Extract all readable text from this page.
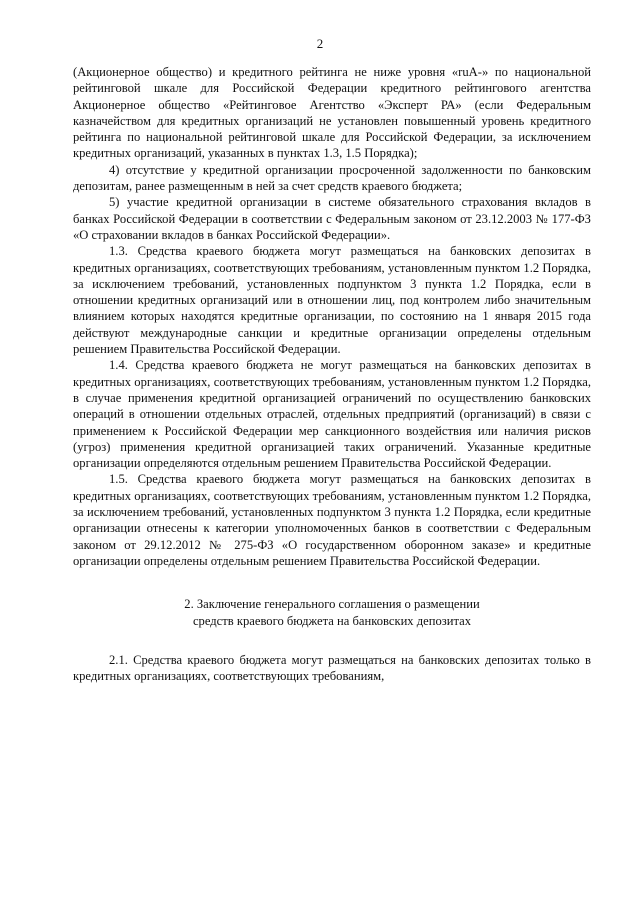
2

(Акционерное общество) и кредитного рейтинга не ниже уровня «ruA-» по национальной рейтинговой шкале для Российской Федерации кредитного рейтингового агентства Акционерное общество «Рейтинговое Агентство «Эксперт РА» (если Федеральным казначейством для кредитных организаций не установлен повышенный уровень кредитного рейтинга по национальной рейтинговой шкале для Российской Федерации, за исключением кредитных организаций, указанных в пунктах 1.3, 1.5 Порядка);

4) отсутствие у кредитной организации просроченной задолженности по банковским депозитам, ранее размещенным в ней за счет средств краевого бюджета;

5) участие кредитной организации в системе обязательного страхования вкладов в банках Российской Федерации в соответствии с Федеральным законом от 23.12.2003 № 177-ФЗ «О страховании вкладов в банках Российской Федерации».

1.3. Средства краевого бюджета могут размещаться на банковских депозитах в кредитных организациях, соответствующих требованиям, установленным пунктом 1.2 Порядка, за исключением требований, установленных подпунктом 3 пункта 1.2 Порядка, если в отношении кредитных организаций или в отношении лиц, под контролем либо значительным влиянием которых находятся кредитные организации, по состоянию на 1 января 2015 года действуют международные санкции и кредитные организации определены отдельным решением Правительства Российской Федерации.

1.4. Средства краевого бюджета не могут размещаться на банковских депозитах в кредитных организациях, соответствующих требованиям, установленным пунктом 1.2 Порядка, в случае применения кредитной организацией ограничений по осуществлению банковских операций в отношении отдельных отраслей, отдельных предприятий (организаций) в связи с применением к Российской Федерации мер санкционного воздействия или наличия рисков (угроз) применения кредитной организацией таких ограничений. Указанные кредитные организации определяются отдельным решением Правительства Российской Федерации.

1.5. Средства краевого бюджета могут размещаться на банковских депозитах в кредитных организациях, соответствующих требованиям, установленным пунктом 1.2 Порядка, за исключением требований, установленных подпунктом 3 пункта 1.2 Порядка, если кредитные организации отнесены к категории уполномоченных банков в соответствии с Федеральным законом от 29.12.2012 № 275-ФЗ «О государственном оборонном заказе» и кредитные организации определены отдельным решением Правительства Российской Федерации.

2. Заключение генерального соглашения о размещении
средств краевого бюджета на банковских депозитах

2.1. Средства краевого бюджета могут размещаться на банковских депозитах только в кредитных организациях, соответствующих требованиям,
